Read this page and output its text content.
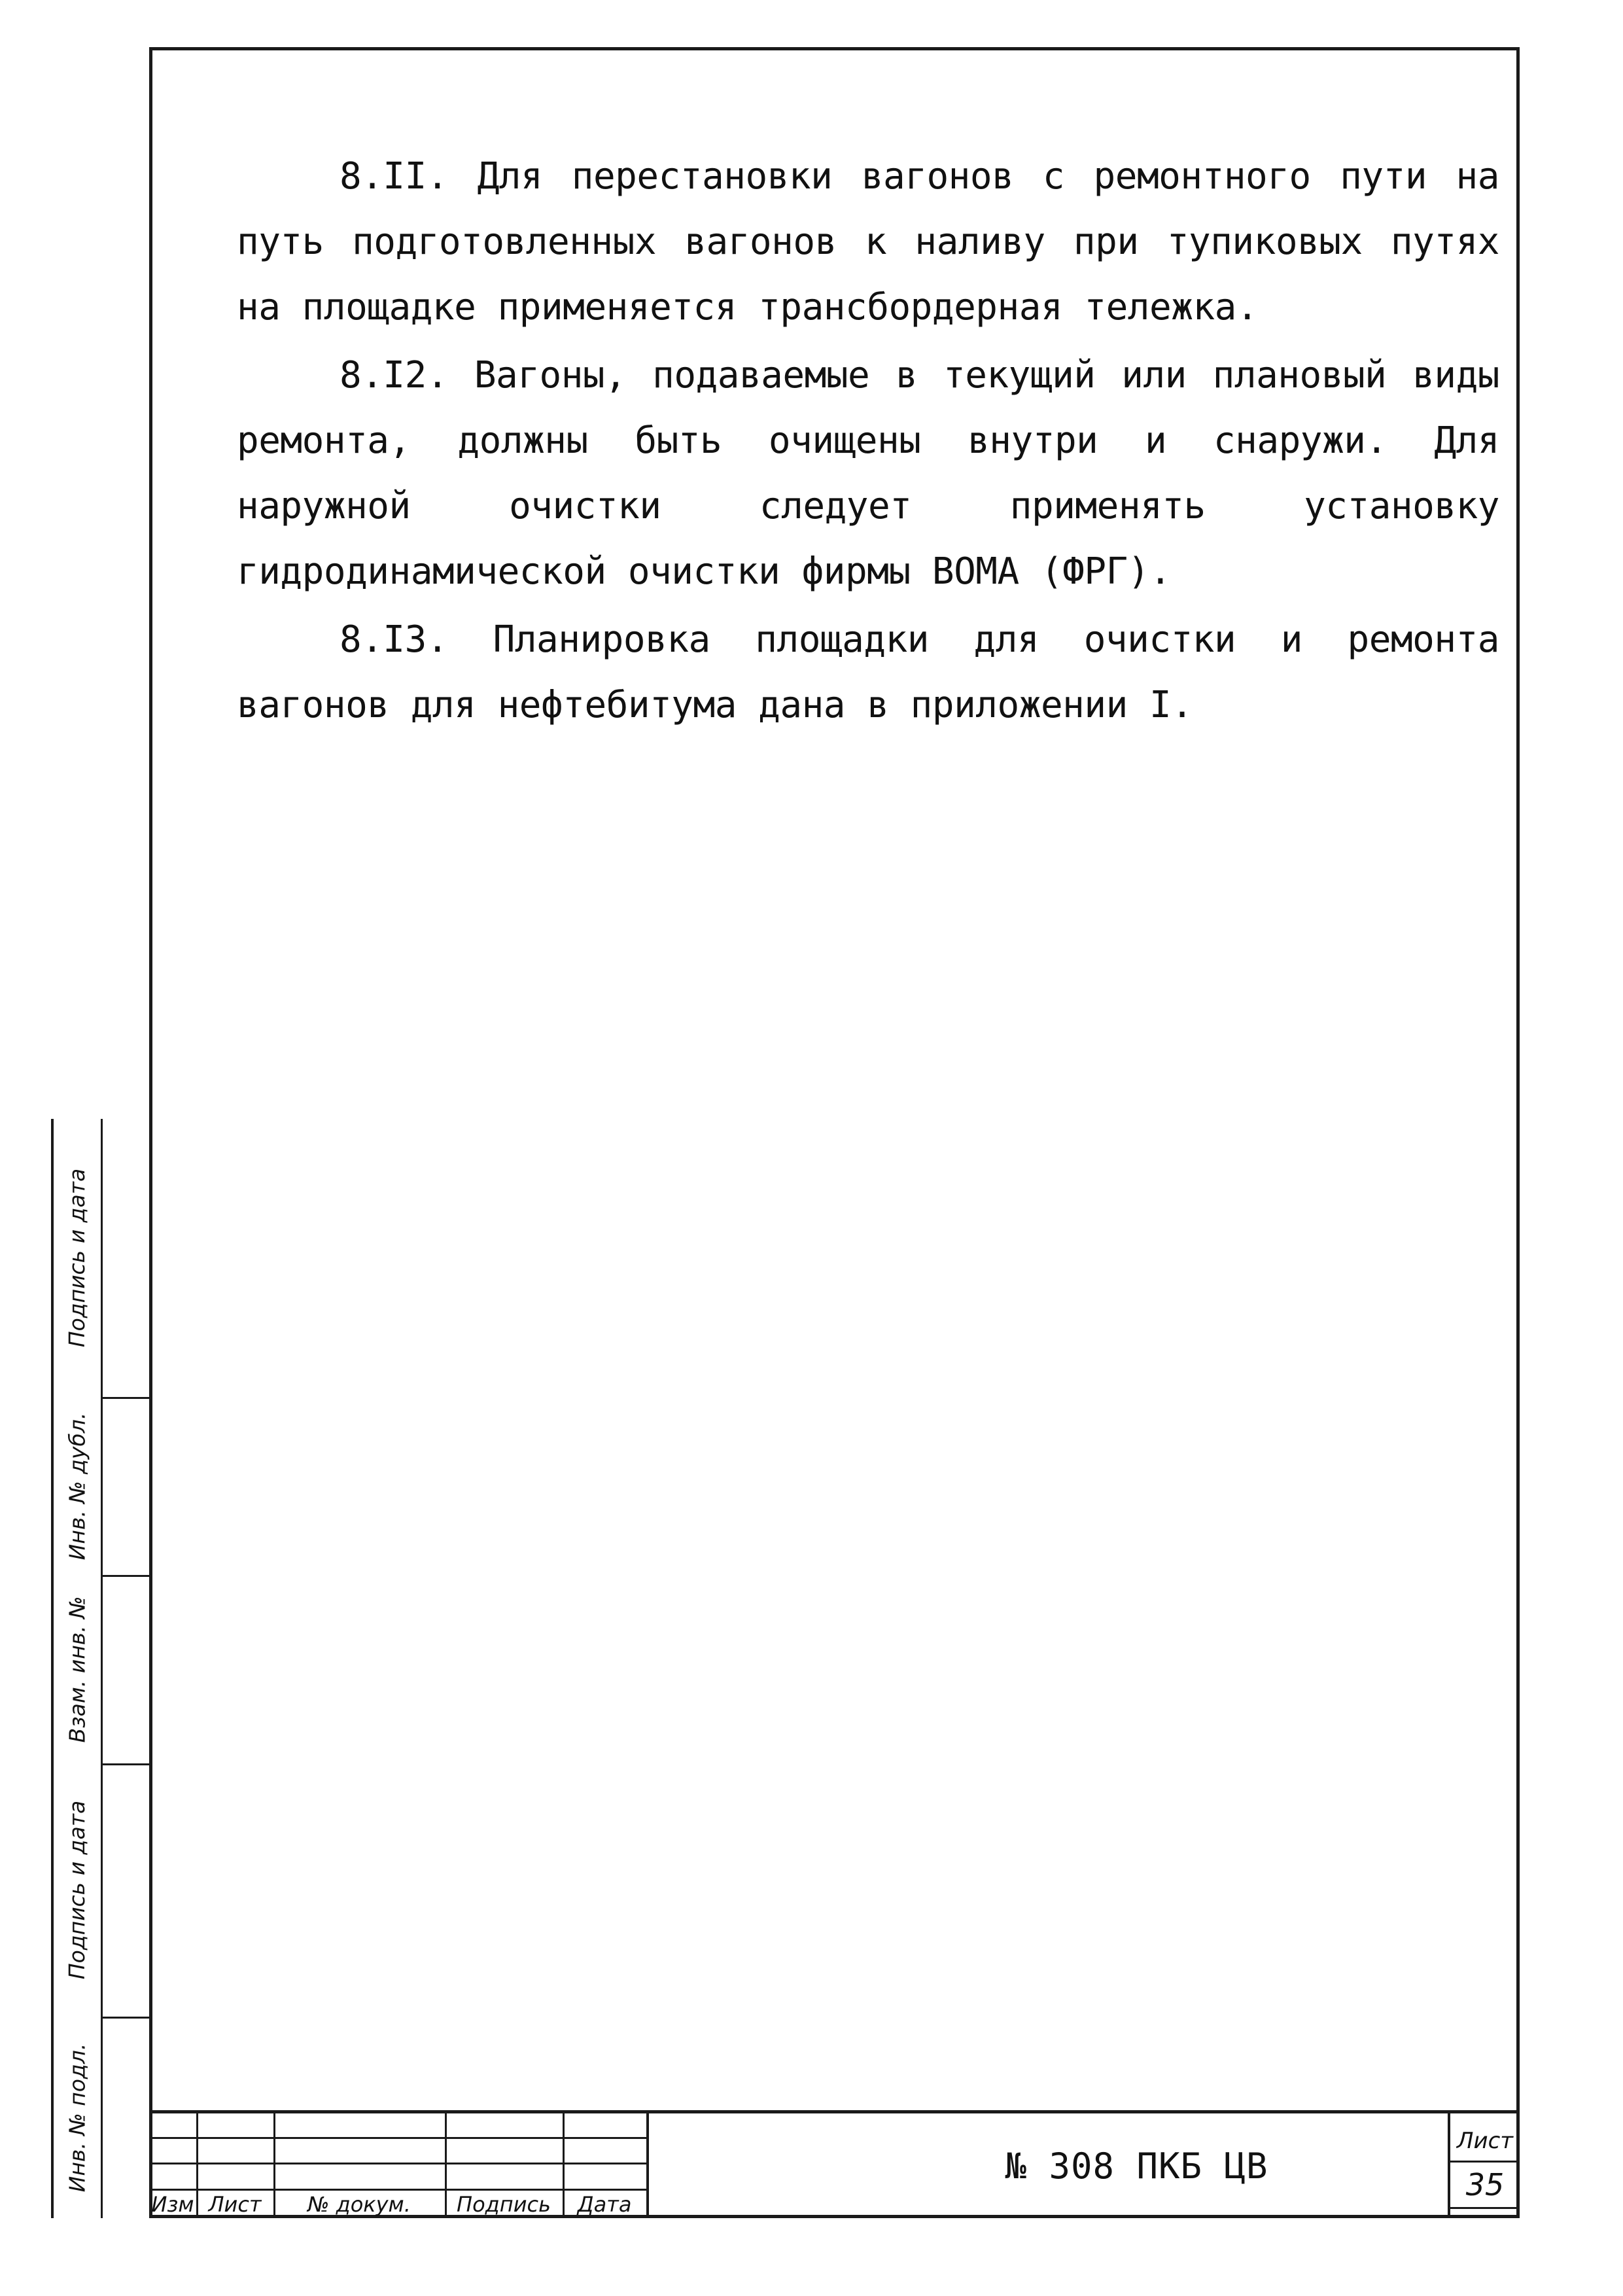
8.II. Для перестановки вагонов с ремонтного пути на путь подготовленных вагонов к наливу при тупиковых путях на площадке применяется трансбордерная тележка.

8.I2. Вагоны, подаваемые в текущий или плановый виды ремонта, должны быть очищены внутри и снаружи. Для наружной очистки следует применять установку гидродинамической очистки фирмы ВОМА (ФРГ).

8.I3. Планировка площадки для очистки и ремонта вагонов для нефтебитума дана в приложении I.

Подпись и дата
Инв. № дубл.
Взам. инв. №
Подпись и дата
Инв. № подл.
Изм Лист	№ докум.	Подпись	Дата
№ 308 ПКБ ЦВ
Лист
35
